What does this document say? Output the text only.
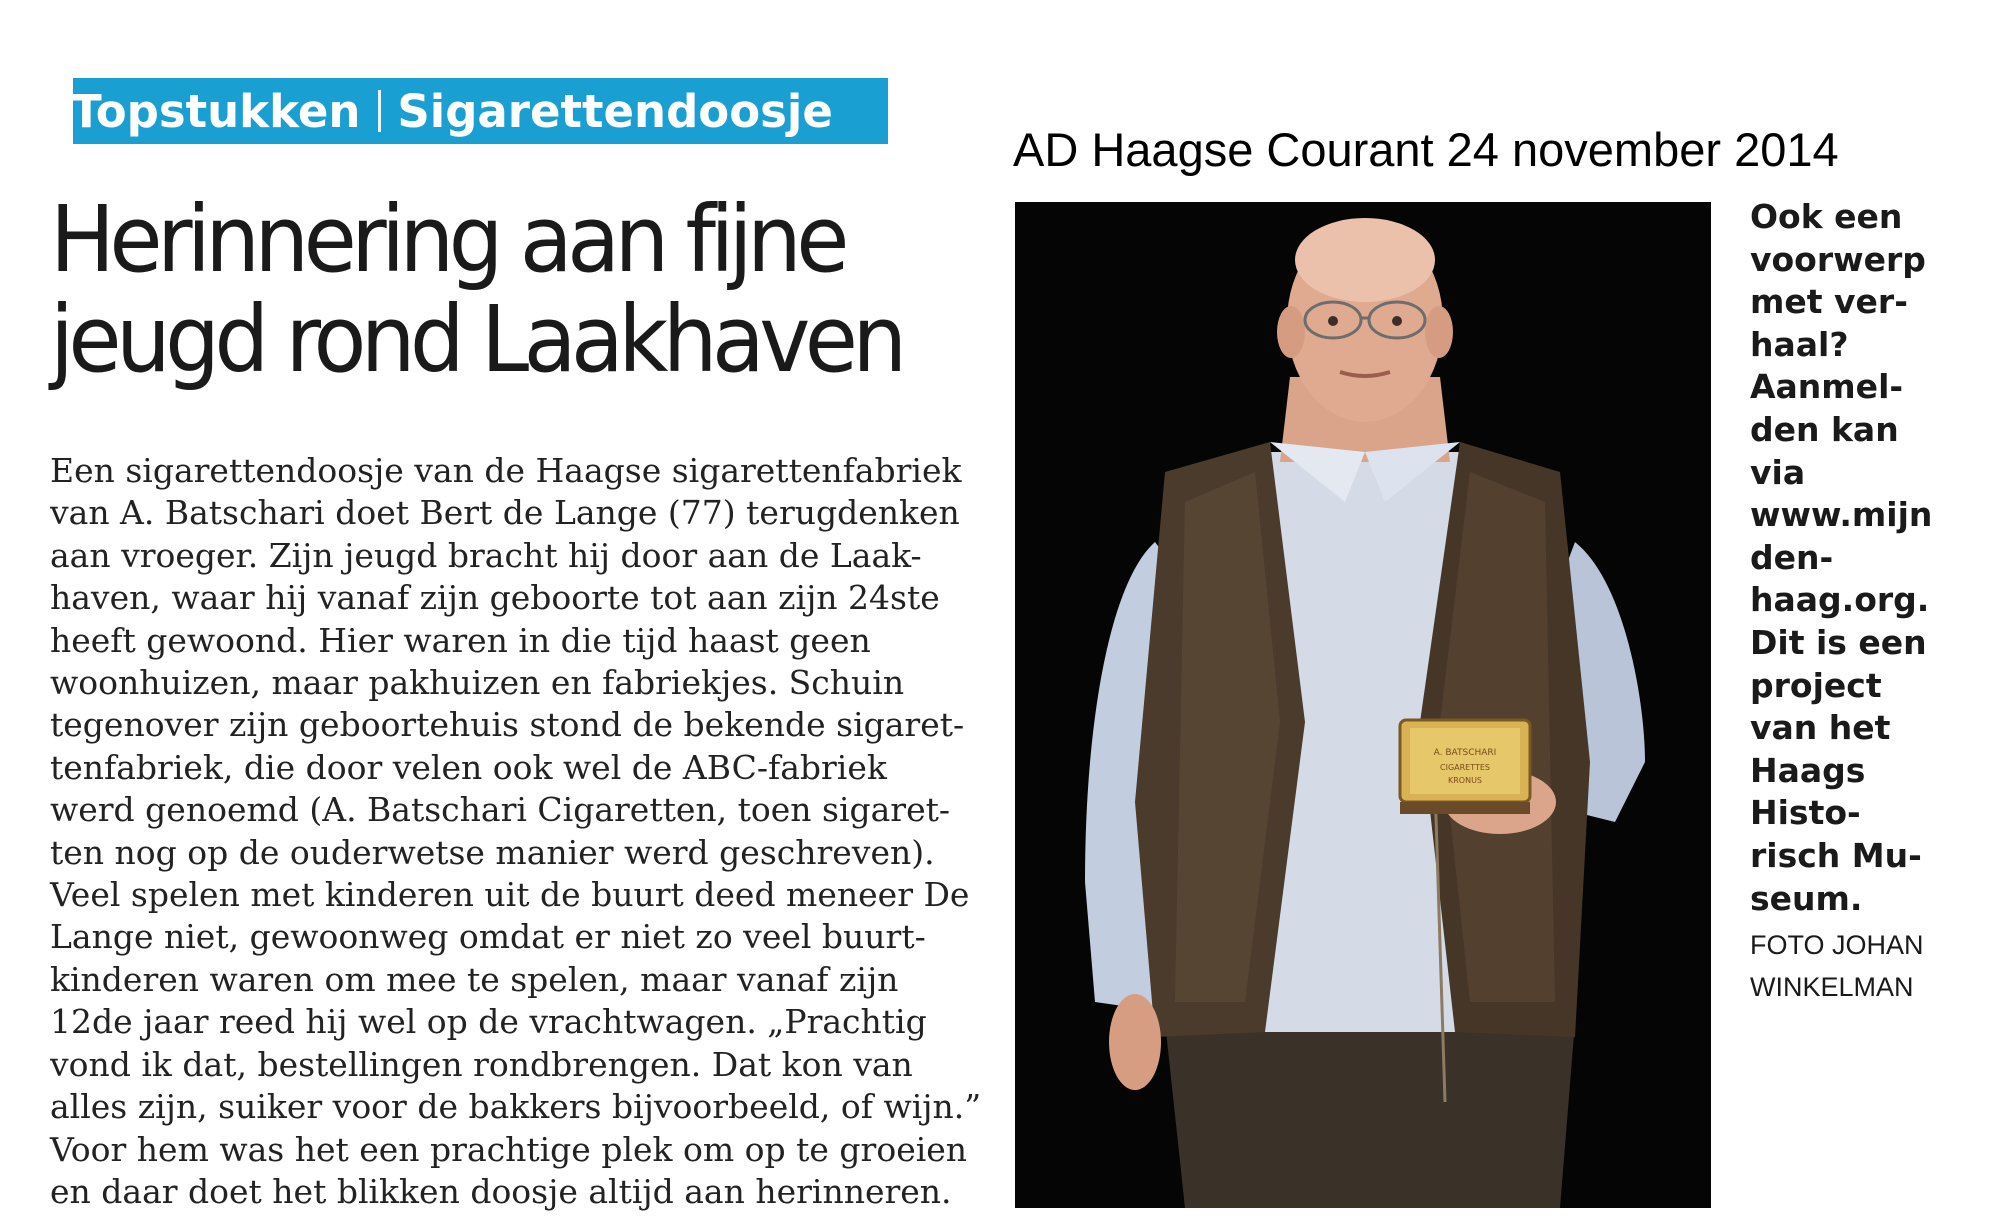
Topstukken Sigarettendoosje
AD Haagse Courant 24 november 2014
Herinnering aan fijne
jeugd rond Laakhaven
Een sigarettendoosje van de Haagse sigarettenfabriek
van A. Batschari doet Bert de Lange (77) terugdenken
aan vroeger. Zijn jeugd bracht hij door aan de Laak-
haven, waar hij vanaf zijn geboorte tot aan zijn 24ste
heeft gewoond. Hier waren in die tijd haast geen
woonhuizen, maar pakhuizen en fabriekjes. Schuin
tegenover zijn geboortehuis stond de bekende sigaret-
tenfabriek, die door velen ook wel de ABC-fabriek
werd genoemd (A. Batschari Cigaretten, toen sigaret-
ten nog op de ouderwetse manier werd geschreven).
Veel spelen met kinderen uit de buurt deed meneer De
Lange niet, gewoonweg omdat er niet zo veel buurt-
kinderen waren om mee te spelen, maar vanaf zijn
12de jaar reed hij wel op de vrachtwagen. „Prachtig
vond ik dat, bestellingen rondbrengen. Dat kon van
alles zijn, suiker voor de bakkers bijvoorbeeld, of wijn.”
Voor hem was het een prachtige plek om op te groeien
en daar doet het blikken doosje altijd aan herinneren.
A. BATSCHARI
CIGARETTES
KRONUS
Ook een
voorwerp
met ver-
haal?
Aanmel-
den kan
via
www.mijn
den-
haag.org.
Dit is een
project
van het
Haags
Histo-
risch Mu-
seum.
FOTO JOHAN
WINKELMAN
